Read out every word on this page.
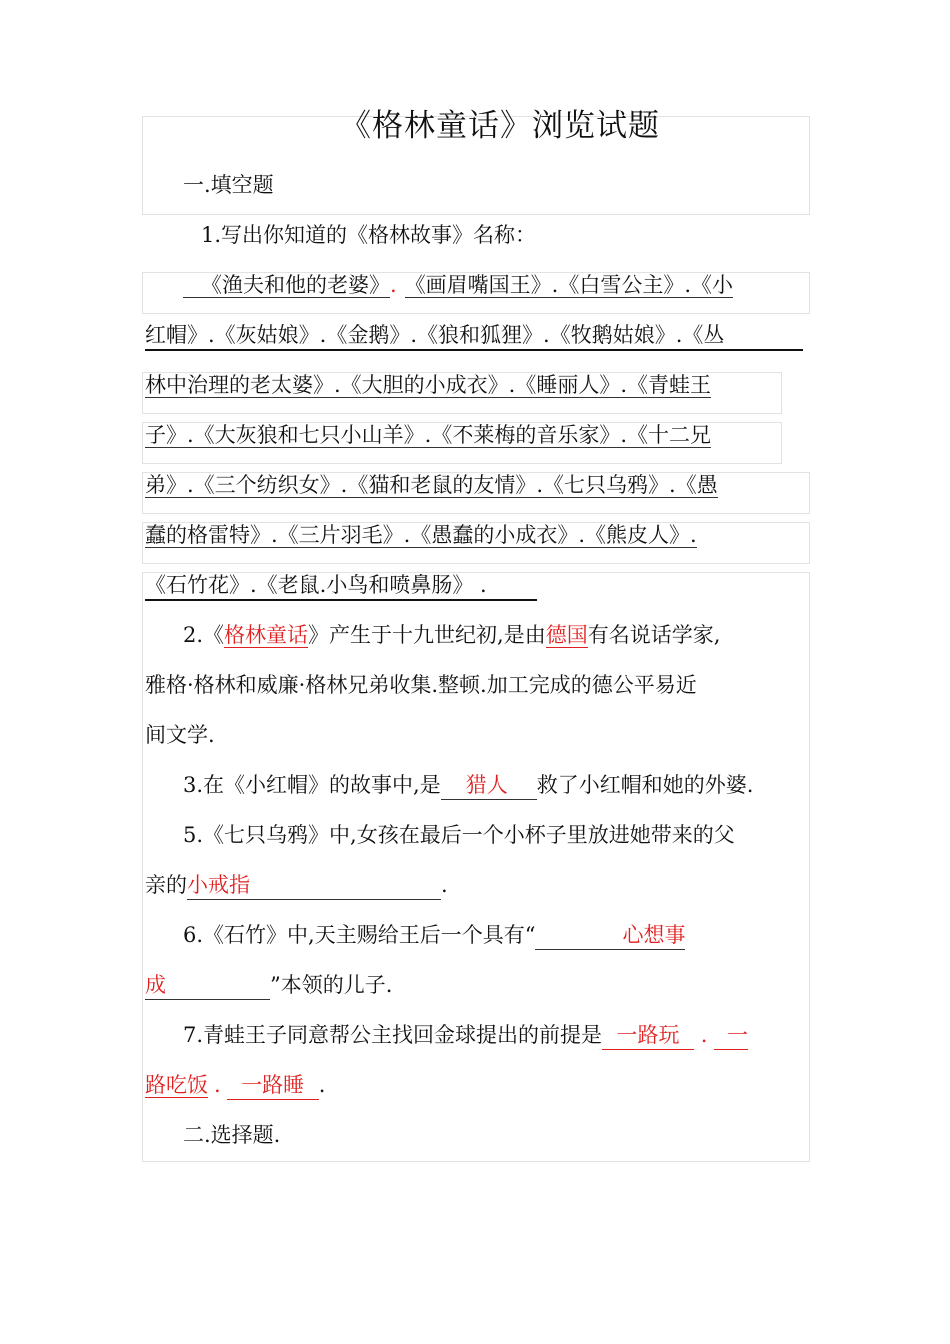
《格林童话》浏览试题
一.填空题
1.写出你知道的《格林故事》名称：
《渔夫和他的老婆》. 《画眉嘴国王》.《白雪公主》.《小
红帽》.《灰姑娘》.《金鹅》.《狼和狐狸》.《牧鹅姑娘》.《丛
林中治理的老太婆》.《大胆的小成衣》.《睡丽人》.《青蛙王
子》.《大灰狼和七只小山羊》.《不莱梅的音乐家》.《十二兄
弟》.《三个纺织女》.《猫和老鼠的友情》.《七只乌鸦》.《愚
蠢的格雷特》.《三片羽毛》.《愚蠢的小成衣》.《熊皮人》.
《石竹花》.《老鼠.小鸟和喷鼻肠》 .
2.《格林童话》产生于十九世纪初,是由德国有名说话学家,
雅格·格林和威廉·格林兄弟收集.整顿.加工完成的德公平易近
间文学.
3.在《小红帽》的故事中,是 猎人 救了小红帽和她的外婆.
5.《七只乌鸦》中,女孩在最后一个小杯子里放进她带来的父
亲的小戒指	.
6.《石竹》中,天主赐给王后一个具有“	心想事
成	”本领的儿子.
7.青蛙王子同意帮公主找回金球提出的前提是 一路玩 . 一
路吃饭 . 一路睡 .
二.选择题.
